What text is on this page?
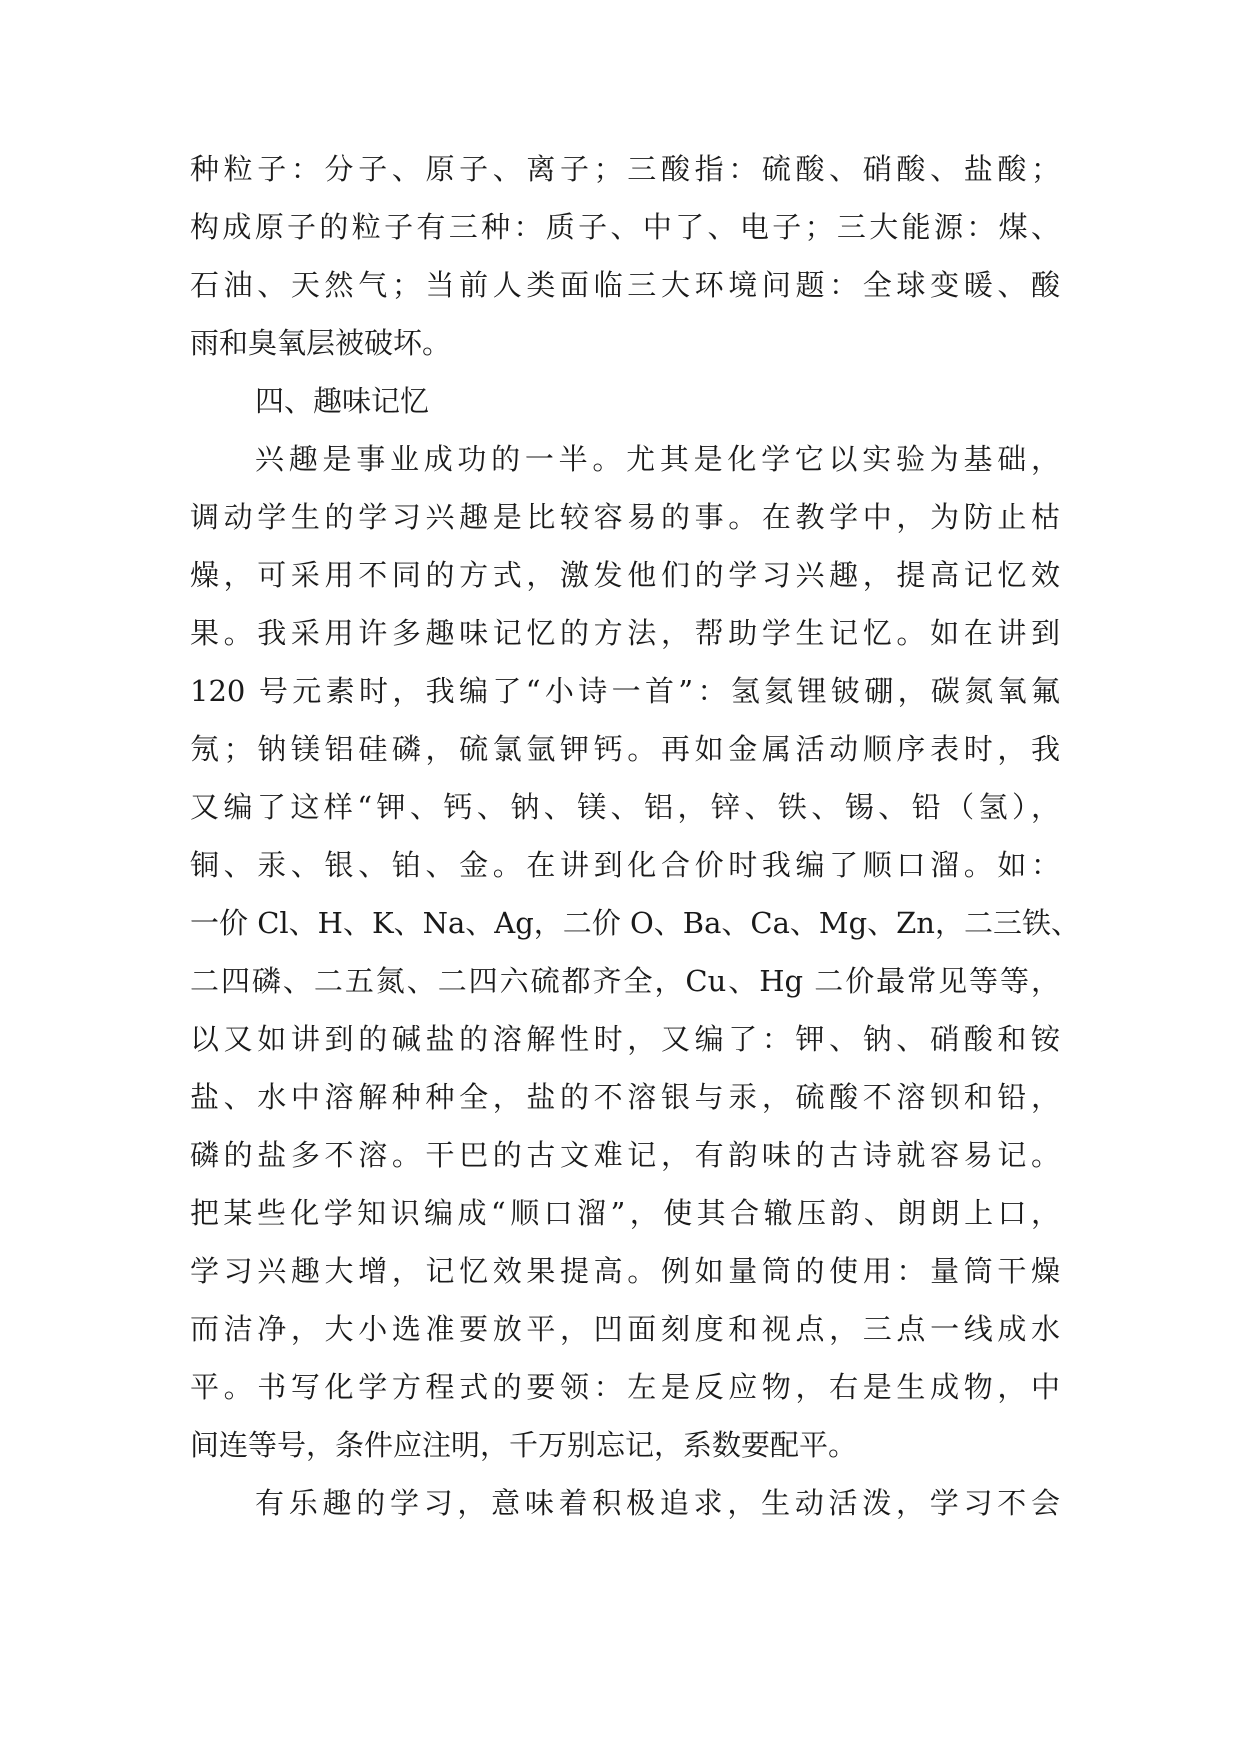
种粒子：分子、原子、离子；三酸指：硫酸、硝酸、盐酸；
构成原子的粒子有三种：质子、中了、电子；三大能源：煤、
石油、天然气；当前人类面临三大环境问题：全球变暖、酸
雨和臭氧层被破坏。
四、趣味记忆
兴趣是事业成功的一半。尤其是化学它以实验为基础，
调动学生的学习兴趣是比较容易的事。在教学中，为防止枯
燥，可采用不同的方式，激发他们的学习兴趣，提高记忆效
果。我采用许多趣味记忆的方法，帮助学生记忆。如在讲到
120 号元素时，我编了“小诗一首”：氢氦锂铍硼，碳氮氧氟
氖；钠镁铝硅磷，硫氯氩钾钙。再如金属活动顺序表时，我
又编了这样“钾、钙、钠、镁、铝，锌、铁、锡、铅（氢），
铜、汞、银、铂、金。在讲到化合价时我编了顺口溜。如：
一价 Cl、H、K、Na、Ag，二价 O、Ba、Ca、Mg、Zn，二三铁、
二四磷、二五氮、二四六硫都齐全，Cu、Hg 二价最常见等等，
以又如讲到的碱盐的溶解性时，又编了：钾、钠、硝酸和铵
盐、水中溶解种种全，盐的不溶银与汞，硫酸不溶钡和铅，
磷的盐多不溶。干巴的古文难记，有韵味的古诗就容易记。
把某些化学知识编成“顺口溜”，使其合辙压韵、朗朗上口，
学习兴趣大增，记忆效果提高。例如量筒的使用：量筒干燥
而洁净，大小选准要放平，凹面刻度和视点，三点一线成水
平。书写化学方程式的要领：左是反应物，右是生成物，中
间连等号，条件应注明，千万别忘记，系数要配平。
有乐趣的学习，意味着积极追求，生动活泼，学习不会
